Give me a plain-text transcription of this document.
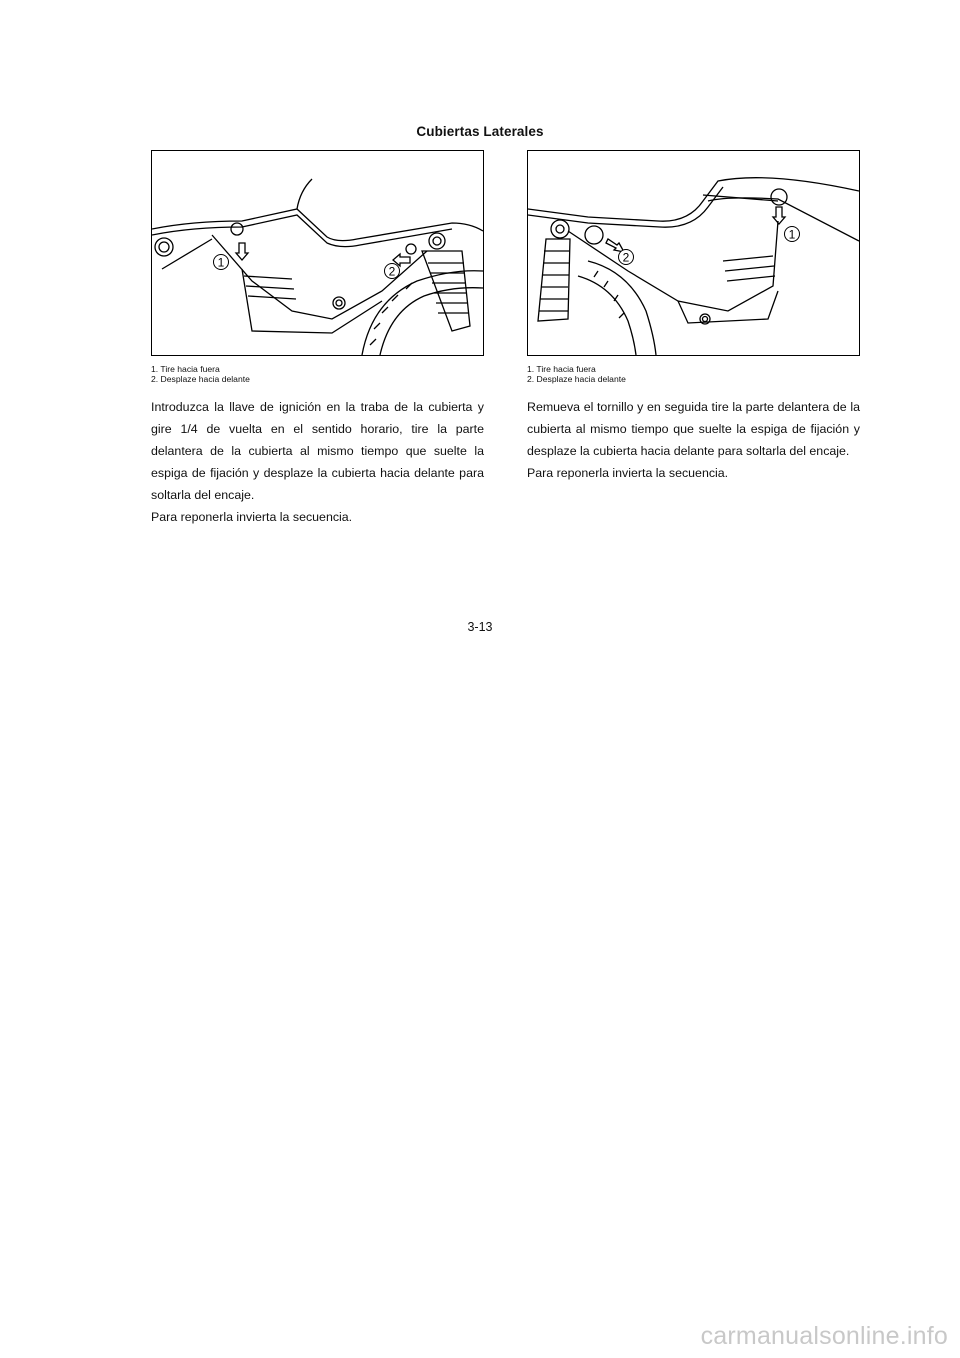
Cubiertas Laterales
1
2
1. Tire hacia fuera
2. Desplaze hacia delante

Introduzca la llave de ignición en la traba de la cubierta y gire 1/4 de vuelta en el sentido horario, tire la parte delantera de la cubierta al mismo tiempo que suelte la espiga de fijación y desplaze la cubierta hacia delante para soltarla del encaje.

Para reponerla invierta la secuencia.

1
2
1. Tire hacia fuera
2. Desplaze hacia delante

Remueva el tornillo y en seguida tire la parte delantera de la cubierta al mismo tiempo que suelte la espiga de fijación y desplaze la cubierta hacia delante para soltarla del encaje.

Para reponerla invierta la secuencia.

3-13
carmanualsonline.info
